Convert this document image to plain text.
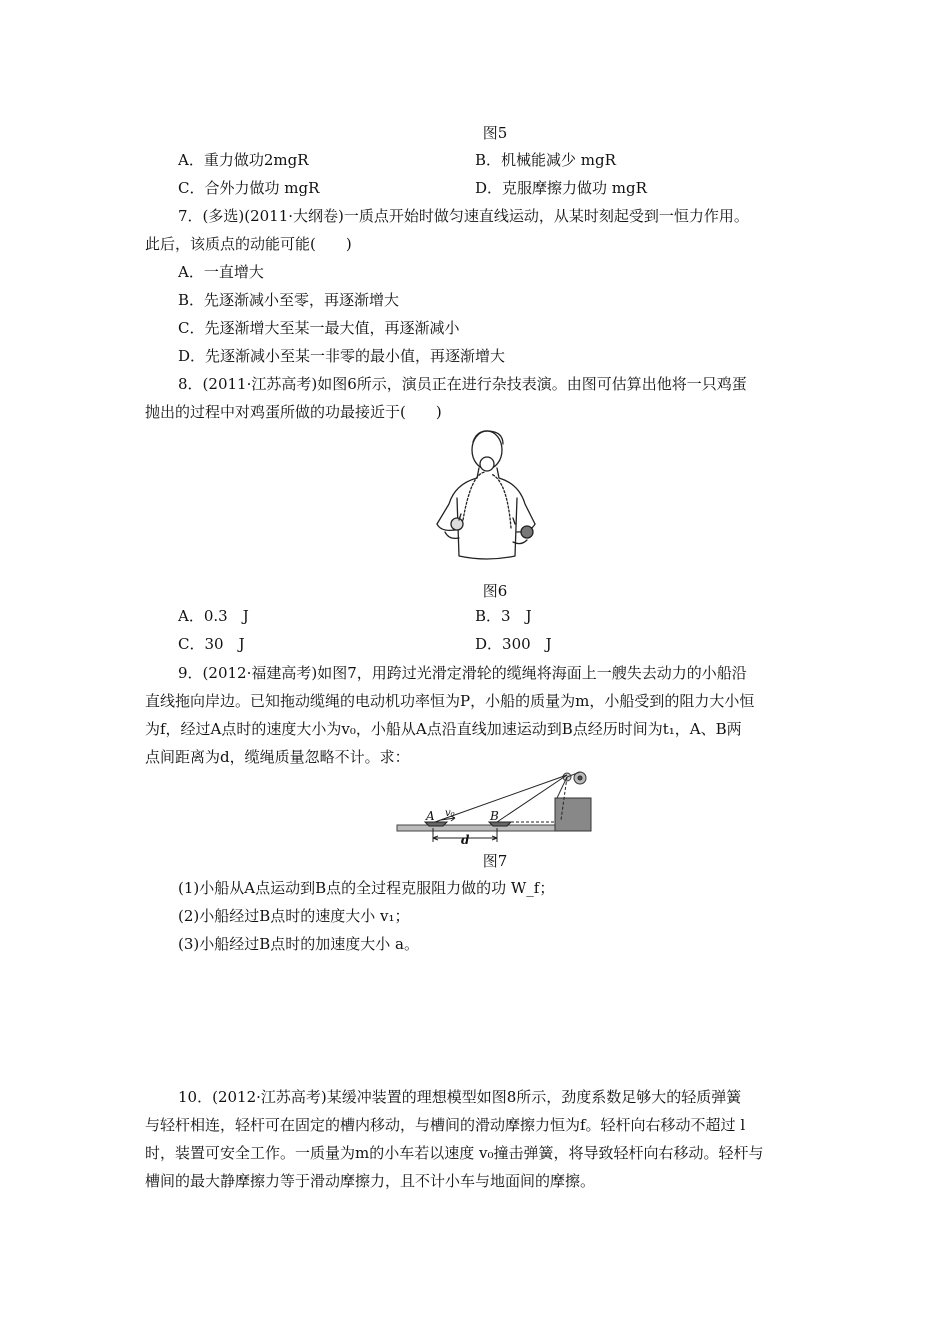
图5
A．重力做功2mgR	B．机械能减少 mgR
C．合外力做功 mgR	D．克服摩擦力做功 mgR
7．(多选)(2011·大纲卷)一质点开始时做匀速直线运动，从某时刻起受到一恒力作用。
此后，该质点的动能可能(　　)
A．一直增大
B．先逐渐减小至零，再逐渐增大
C．先逐渐增大至某一最大值，再逐渐减小
D．先逐渐减小至某一非零的最小值，再逐渐增大
8．(2011·江苏高考)如图6所示，演员正在进行杂技表演。由图可估算出他将一只鸡蛋
抛出的过程中对鸡蛋所做的功最接近于(　　)
图6
A．0.3　J	B．3　J
C．30　J	D．300　J
9．(2012·福建高考)如图7，用跨过光滑定滑轮的缆绳将海面上一艘失去动力的小船沿
直线拖向岸边。已知拖动缆绳的电动机功率恒为P，小船的质量为m，小船受到的阻力大小恒
为f，经过A点时的速度大小为v₀，小船从A点沿直线加速运动到B点经历时间为t₁，A、B两
点间距离为d，缆绳质量忽略不计。求：
A v₀	B
d
图7
(1)小船从A点运动到B点的全过程克服阻力做的功 W_f；
(2)小船经过B点时的速度大小 v₁；
(3)小船经过B点时的加速度大小 a。
10．(2012·江苏高考)某缓冲装置的理想模型如图8所示，劲度系数足够大的轻质弹簧
与轻杆相连，轻杆可在固定的槽内移动，与槽间的滑动摩擦力恒为f。轻杆向右移动不超过 l
时，装置可安全工作。一质量为m的小车若以速度 v₀撞击弹簧，将导致轻杆向右移动。轻杆与
槽间的最大静摩擦力等于滑动摩擦力，且不计小车与地面间的摩擦。
